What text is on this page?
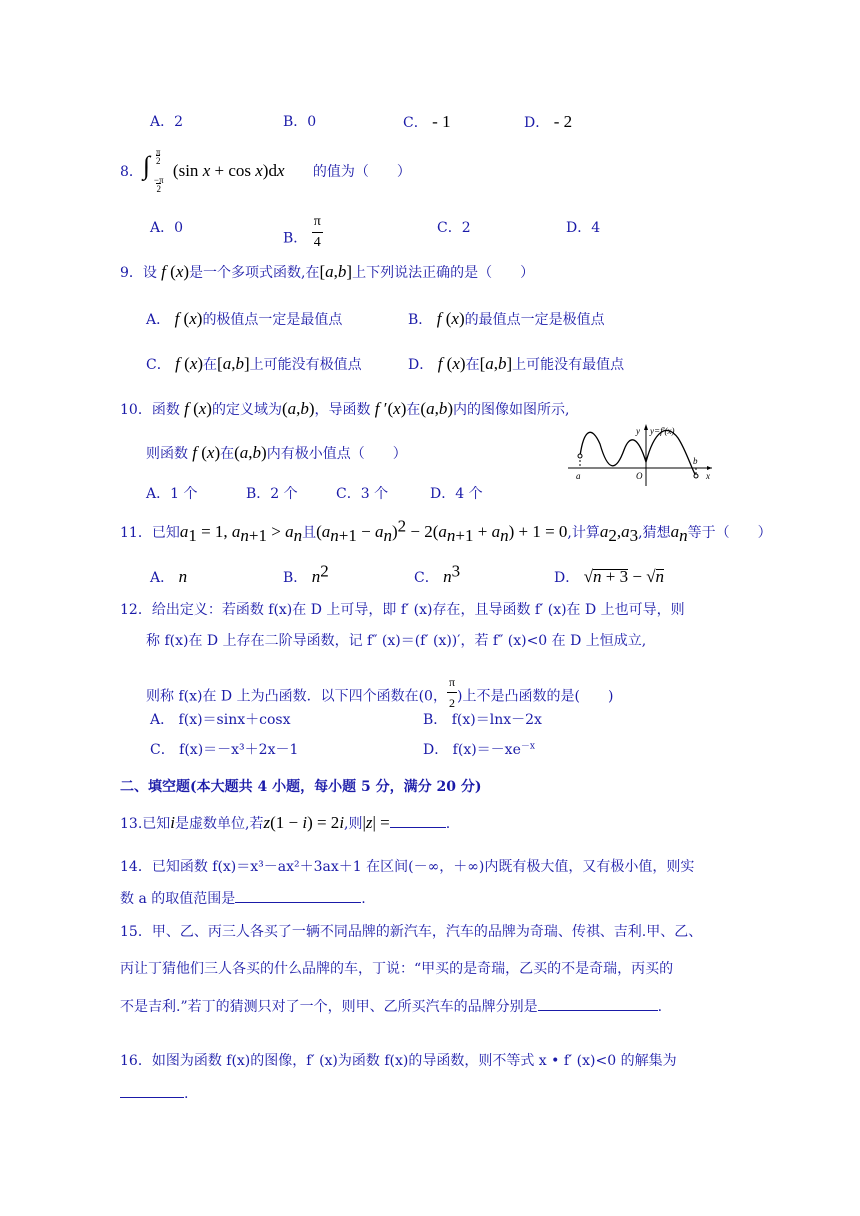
A．2	B．0	C． - 1	D． - 2
8． ∫ π
2
−π
2
(sin x + cos x)dx 的值为（　　）
A．0
B． $\frac{\pi}{4}$	C．2	D．4
9．设 f (x)是一个多项式函数,在[a,b]上下列说法正确的是（　　）
A． f (x)的极值点一定是最值点	B． f (x)的最值点一定是极值点
C． f (x)在[a,b]上可能没有极值点	D． f (x)在[a,b]上可能没有最值点
10．函数 f (x)的定义域为(a,b)，导函数 f ′(x)在(a,b)内的图像如图所示,
则函数 f (x)在(a,b)内有极小值点（　　）
A．1 个	B．2 个	C．3 个	D．4 个
y y=f′(x)
a	O
b
x
11．已知$a_1 = 1$, $a_{n+1} > a_n$且$(a_{n+1} - a_n)^2 - 2(a_{n+1} + a_n) + 1 = 0$,计算$a_2,a_3$,猜想$a_n$等于（　　）
A． n	B． $n^2$	C． $n^3$	D． √n + 3 − √n
12．给出定义：若函数 f(x)在 D 上可导，即 f′ (x)存在，且导函数 f′ (x)在 D 上也可导，则
称 f(x)在 D 上存在二阶导函数，记 f″ (x)＝(f′ (x))′，若 f″ (x)<0 在 D 上恒成立,
则称 f(x)在 D 上为凸函数．以下四个函数在(0， $\frac{\pi}{2}$ )上不是凸函数的是(　　)
A． f(x)＝sinx＋cosx	B． f(x)＝lnx－2x
C． f(x)＝－x³＋2x－1	D． $f(x)=-xe^{-x}$
二、填空题(本大题共 4 小题，每小题 5 分，满分 20 分)
13.已知i是虚数单位,若z(1 − i) = 2i,则|z| =	.
14．已知函数 f(x)＝x³－ax²＋3ax＋1 在区间(－∞，＋∞)内既有极大值，又有极小值，则实
数 a 的取值范围是	.
15．甲、乙、丙三人各买了一辆不同品牌的新汽车，汽车的品牌为奇瑞、传祺、吉利.甲、乙、
丙让丁猜他们三人各买的什么品牌的车，丁说：“甲买的是奇瑞，乙买的不是奇瑞，丙买的
不是吉利.”若丁的猜测只对了一个，则甲、乙所买汽车的品牌分别是	.
16．如图为函数 f(x)的图像，f′ (x)为函数 f(x)的导函数，则不等式 x • f′ (x)<0 的解集为
.
